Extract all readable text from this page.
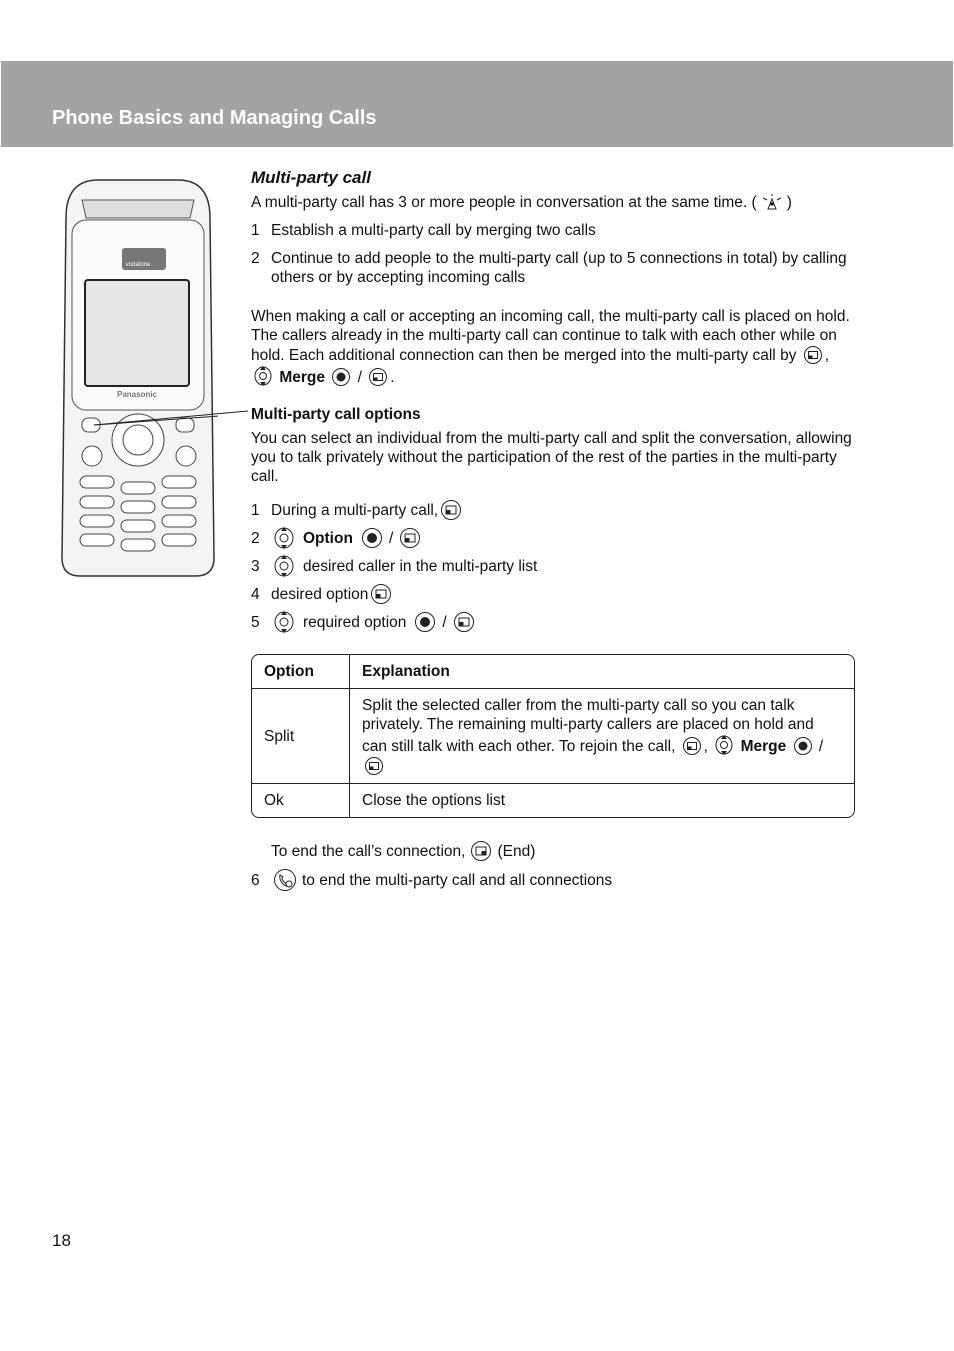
Phone Basics and Managing Calls
vodafone
Panasonic
Multi-party call

A multi-party call has 3 or more people in conversation at the same time. ( )

1 Establish a multi-party call by merging two calls
2 Continue to add people to the multi-party call (up to 5 connections in total) by calling others or by accepting incoming calls

When making a call or accepting an incoming call, the multi-party call is placed on hold. The callers already in the multi-party call can continue to talk with each other while on hold. Each additional connection can then be merged into the multi-party call by ,
Merge / .

Multi-party call options

You can select an individual from the multi-party call and split the conversation, allowing you to talk privately without the participation of the rest of the parties in the multi-party call.

1 During a multi-party call,
2	Option /
3	desired caller in the multi-party list
4 desired option
5	required option /
Option	Explanation
Split	Split the selected caller from the multi-party call so you can talk privately. The remaining multi-party callers are placed on hold and can still talk with each other. To rejoin the call, , Merge /

Ok	Close the options list
To end the call’s connection, (End)
6	to end the multi-party call and all connections
18
